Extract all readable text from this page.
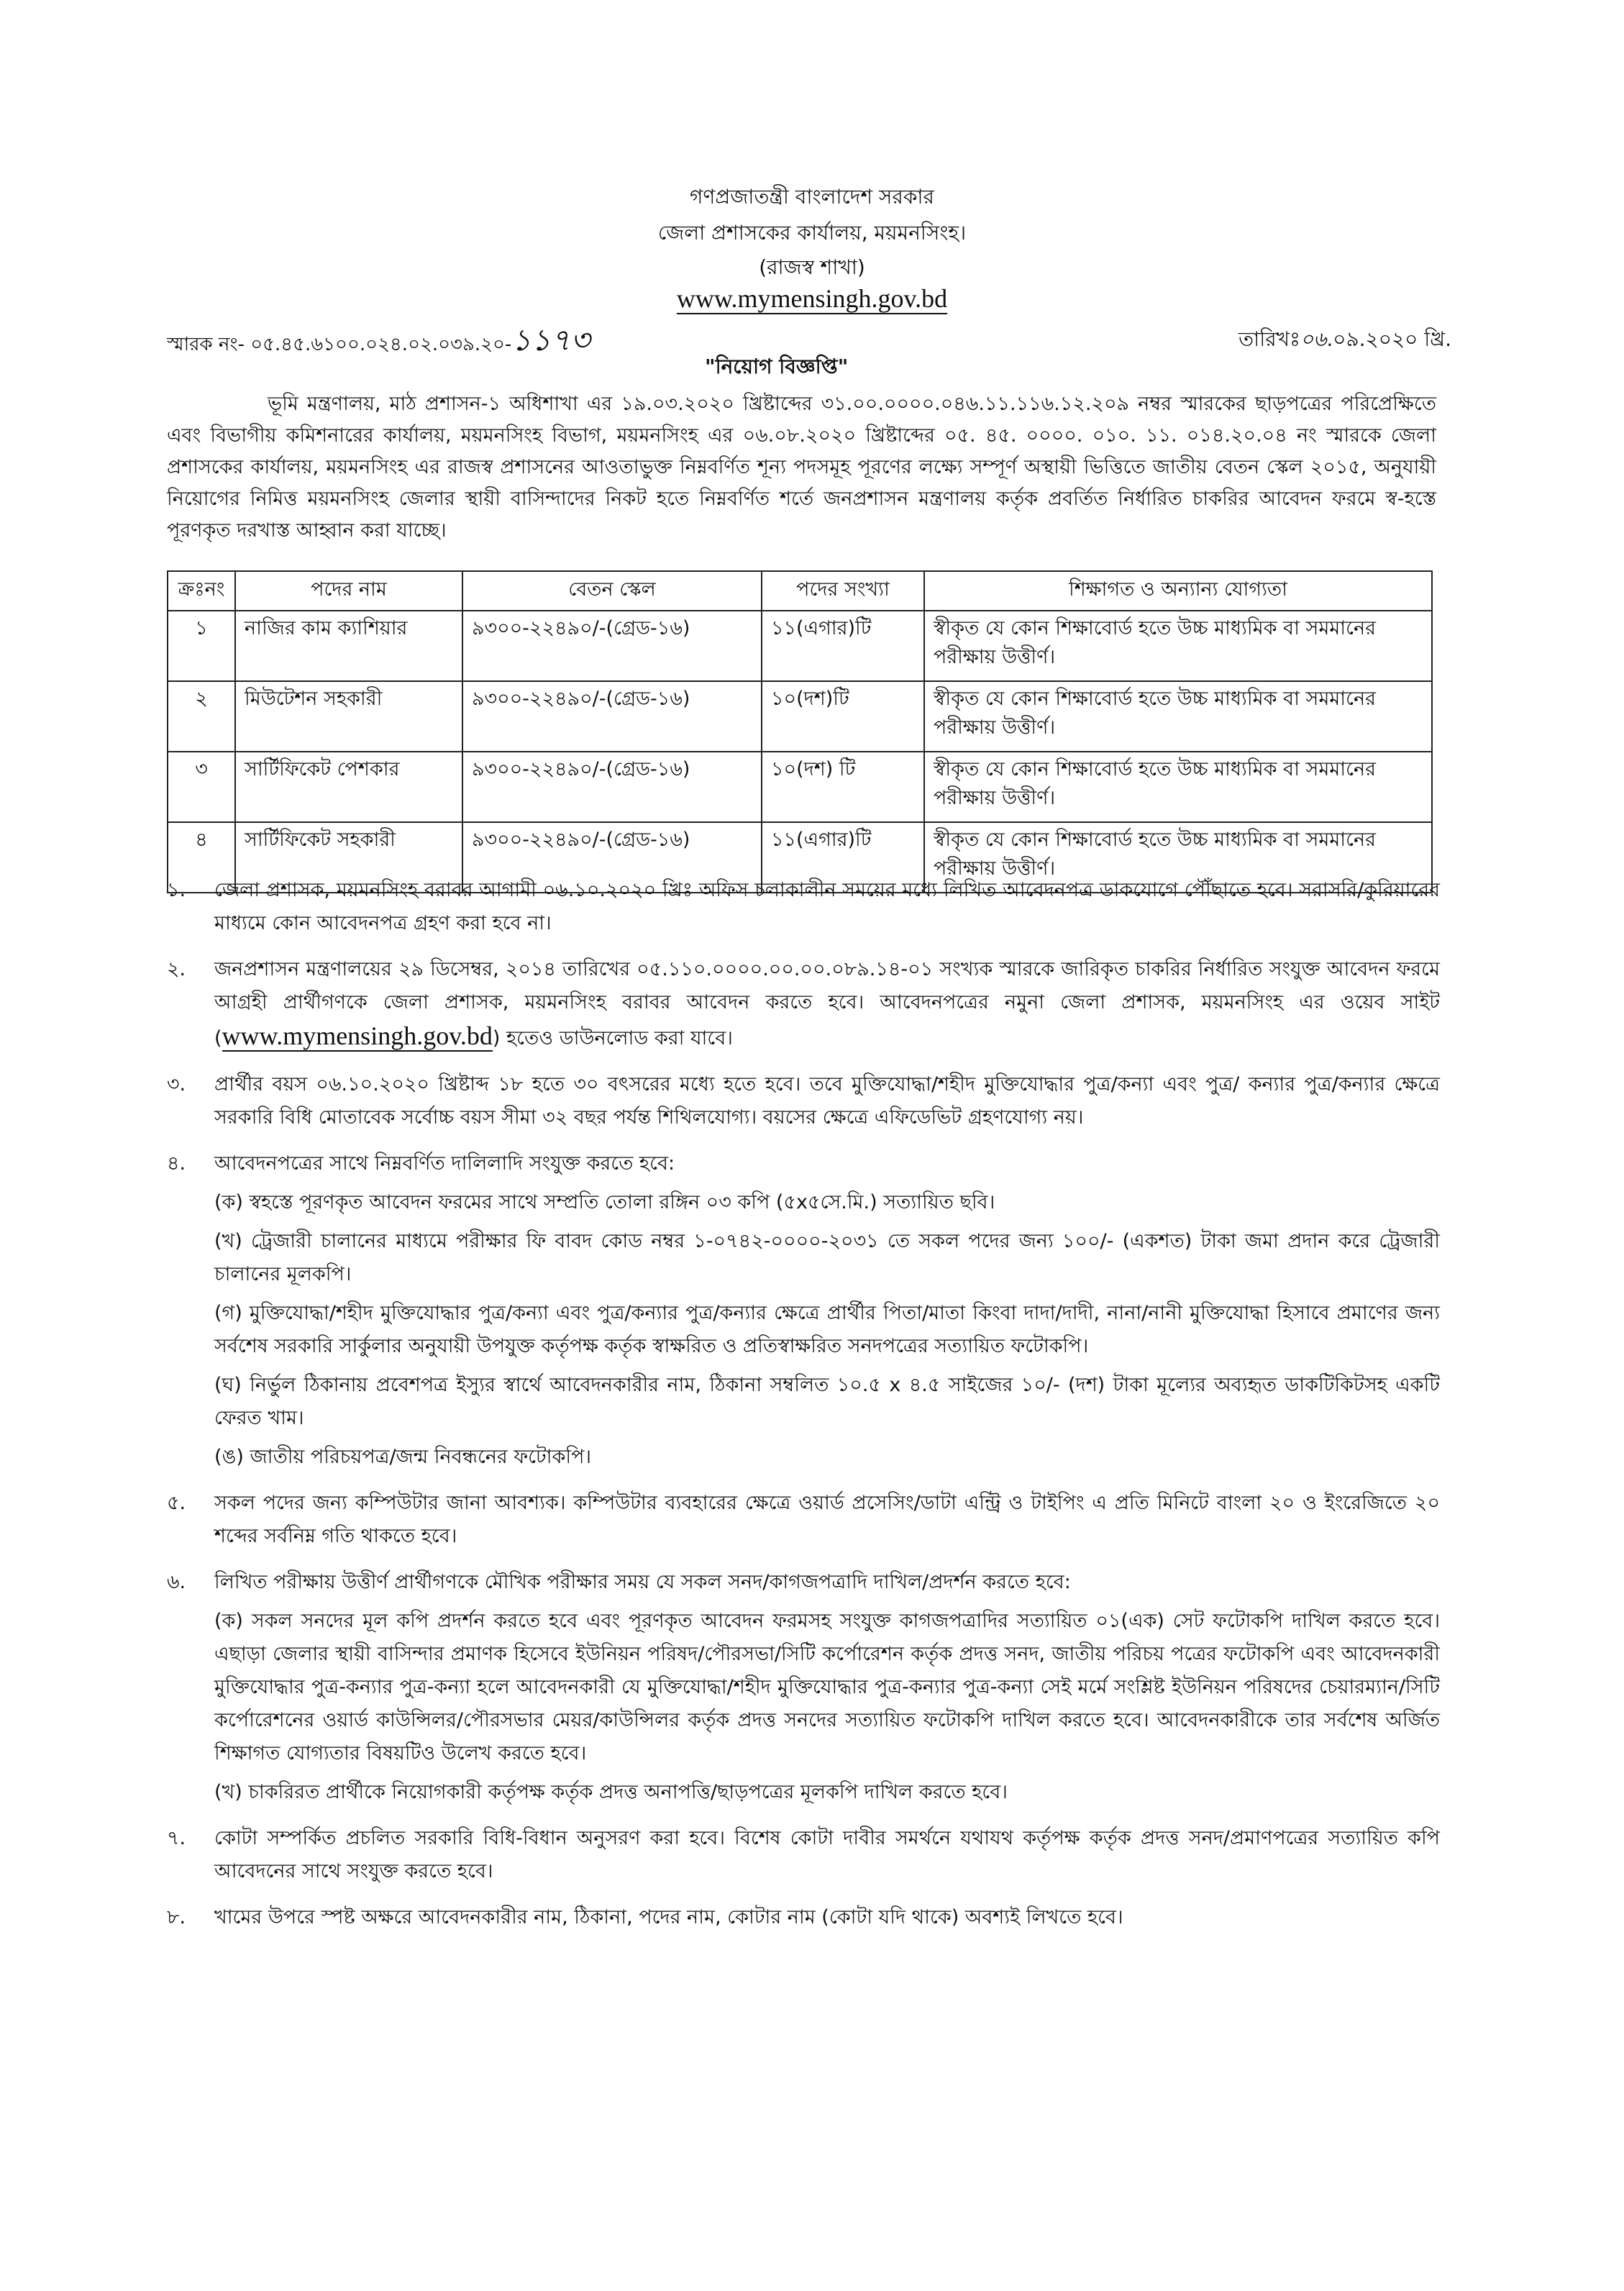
গণপ্রজাতন্ত্রী বাংলাদেশ সরকার
জেলা প্রশাসকের কার্যালয়, ময়মনসিংহ।
(রাজস্ব শাখা)
www.mymensingh.gov.bd
স্মারক নং- ০৫.৪৫.৬১০০.০২৪.০২.০৩৯.২০-১১৭৩	তারিখঃ০৬.০৯.২০২০ খ্রি.
"নিয়োগ বিজ্ঞপ্তি"
ভূমি মন্ত্রণালয়, মাঠ প্রশাসন-১ অধিশাখা এর ১৯.০৩.২০২০ খ্রিষ্টাব্দের ৩১.০০.০০০০.০৪৬.১১.১১৬.১২.২০৯ নম্বর স্মারকের ছাড়পত্রের পরিপ্রেক্ষিতে এবং বিভাগীয় কমিশনারের কার্যালয়, ময়মনসিংহ বিভাগ, ময়মনসিংহ এর ০৬.০৮.২০২০ খ্রিষ্টাব্দের ০৫. ৪৫. ০০০০. ০১০. ১১. ০১৪.২০.০৪ নং স্মারকে জেলা প্রশাসকের কার্যালয়, ময়মনসিংহ এর রাজস্ব প্রশাসনের আওতাভুক্ত নিম্নবর্ণিত শূন্য পদসমূহ পূরণের লক্ষ্যে সম্পূর্ণ অস্থায়ী ভিত্তিতে জাতীয় বেতন স্কেল ২০১৫, অনুযায়ী নিয়োগের নিমিত্ত ময়মনসিংহ জেলার স্থায়ী বাসিন্দাদের নিকট হতে নিম্নবর্ণিত শর্তে জনপ্রশাসন মন্ত্রণালয় কর্তৃক প্রবর্তিত নির্ধারিত চাকরির আবেদন ফরমে স্ব-হস্তে পূরণকৃত দরখাস্ত আহ্বান করা যাচ্ছে।
ক্রঃনং	পদের নাম	বেতন স্কেল	পদের সংখ্যা	শিক্ষাগত ও অন্যান্য যোগ্যতা
১	নাজির কাম ক্যাশিয়ার	৯৩০০-২২৪৯০/-(গ্রেড-১৬)	১১(এগার)টি	স্বীকৃত যে কোন শিক্ষাবোর্ড হতে উচ্চ মাধ্যমিক বা সমমানের পরীক্ষায় উত্তীর্ণ।
২	মিউটেশন সহকারী	৯৩০০-২২৪৯০/-(গ্রেড-১৬)	১০(দশ)টি	স্বীকৃত যে কোন শিক্ষাবোর্ড হতে উচ্চ মাধ্যমিক বা সমমানের পরীক্ষায় উত্তীর্ণ।
৩	সার্টিফিকেট পেশকার	৯৩০০-২২৪৯০/-(গ্রেড-১৬)	১০(দশ) টি	স্বীকৃত যে কোন শিক্ষাবোর্ড হতে উচ্চ মাধ্যমিক বা সমমানের পরীক্ষায় উত্তীর্ণ।
৪	সার্টিফিকেট সহকারী	৯৩০০-২২৪৯০/-(গ্রেড-১৬)	১১(এগার)টি	স্বীকৃত যে কোন শিক্ষাবোর্ড হতে উচ্চ মাধ্যমিক বা সমমানের পরীক্ষায় উত্তীর্ণ।
১. জেলা প্রশাসক, ময়মনসিংহ বরাবর আগামী ০৬.১০.২০২০ খ্রিঃ অফিস চলাকালীন সময়ের মধ্যে লিখিত আবেদনপত্র ডাকযোগে পৌঁছাতে হবে। সরাসরি/কুরিয়ারের মাধ্যমে কোন আবেদনপত্র গ্রহণ করা হবে না।
২. জনপ্রশাসন মন্ত্রণালয়ের ২৯ ডিসেম্বর, ২০১৪ তারিখের ০৫.১১০.০০০০.০০.০০.০৮৯.১৪-০১ সংখ্যক স্মারকে জারিকৃত চাকরির নির্ধারিত সংযুক্ত আবেদন ফরমে আগ্রহী প্রার্থীগণকে জেলা প্রশাসক, ময়মনসিংহ বরাবর আবেদন করতে হবে। আবেদনপত্রের নমুনা জেলা প্রশাসক, ময়মনসিংহ এর ওয়েব সাইট (www.mymensingh.gov.bd) হতেও ডাউনলোড করা যাবে।
৩. প্রার্থীর বয়স ০৬.১০.২০২০ খ্রিষ্টাব্দ ১৮ হতে ৩০ বৎসরের মধ্যে হতে হবে। তবে মুক্তিযোদ্ধা/শহীদ মুক্তিযোদ্ধার পুত্র/কন্যা এবং পুত্র/ কন্যার পুত্র/কন্যার ক্ষেত্রে সরকারি বিধি মোতাবেক সর্বোচ্চ বয়স সীমা ৩২ বছর পর্যন্ত শিথিলযোগ্য। বয়সের ক্ষেত্রে এফিডেভিট গ্রহণযোগ্য নয়।
৪. আবেদনপত্রের সাথে নিম্নবর্ণিত দালিলাদি সংযুক্ত করতে হবে:
(ক) স্বহস্তে পূরণকৃত আবেদন ফরমের সাথে সম্প্রতি তোলা রঙ্গিন ০৩ কপি (৫x৫সে.মি.) সত্যায়িত ছবি।
(খ) ট্রেজারী চালানের মাধ্যমে পরীক্ষার ফি বাবদ কোড নম্বর ১-০৭৪২-০০০০-২০৩১ তে সকল পদের জন্য ১০০/- (একশত) টাকা জমা প্রদান করে ট্রেজারী চালানের মূলকপি।
(গ) মুক্তিযোদ্ধা/শহীদ মুক্তিযোদ্ধার পুত্র/কন্যা এবং পুত্র/কন্যার পুত্র/কন্যার ক্ষেত্রে প্রার্থীর পিতা/মাতা কিংবা দাদা/দাদী, নানা/নানী মুক্তিযোদ্ধা হিসাবে প্রমাণের জন্য সর্বশেষ সরকারি সার্কুলার অনুযায়ী উপযুক্ত কর্তৃপক্ষ কর্তৃক স্বাক্ষরিত ও প্রতিস্বাক্ষরিত সনদপত্রের সত্যায়িত ফটোকপি।
(ঘ) নির্ভুল ঠিকানায় প্রবেশপত্র ইস্যুর স্বার্থে আবেদনকারীর নাম, ঠিকানা সম্বলিত ১০.৫ x ৪.৫ সাইজের ১০/- (দশ) টাকা মূল্যের অব্যহৃত ডাকটিকিটসহ একটি ফেরত খাম।
(ঙ) জাতীয় পরিচয়পত্র/জন্ম নিবন্ধনের ফটোকপি।
৫. সকল পদের জন্য কম্পিউটার জানা আবশ্যক। কম্পিউটার ব্যবহারের ক্ষেত্রে ওয়ার্ড প্রসেসিং/ডাটা এন্ট্রি ও টাইপিং এ প্রতি মিনিটে বাংলা ২০ ও ইংরেজিতে ২০ শব্দের সর্বনিম্ন গতি থাকতে হবে।
৬. লিখিত পরীক্ষায় উত্তীর্ণ প্রার্থীগণকে মৌখিক পরীক্ষার সময় যে সকল সনদ/কাগজপত্রাদি দাখিল/প্রদর্শন করতে হবে:
(ক) সকল সনদের মূল কপি প্রদর্শন করতে হবে এবং পূরণকৃত আবেদন ফরমসহ সংযুক্ত কাগজপত্রাদির সত্যায়িত ০১(এক) সেট ফটোকপি দাখিল করতে হবে। এছাড়া জেলার স্থায়ী বাসিন্দার প্রমাণক হিসেবে ইউনিয়ন পরিষদ/পৌরসভা/সিটি কর্পোরেশন কর্তৃক প্রদত্ত সনদ, জাতীয় পরিচয় পত্রের ফটোকপি এবং আবেদনকারী মুক্তিযোদ্ধার পুত্র-কন্যার পুত্র-কন্যা হলে আবেদনকারী যে মুক্তিযোদ্ধা/শহীদ মুক্তিযোদ্ধার পুত্র-কন্যার পুত্র-কন্যা সেই মর্মে সংশ্লিষ্ট ইউনিয়ন পরিষদের চেয়ারম্যান/সিটি কর্পোরেশনের ওয়ার্ড কাউন্সিলর/পৌরসভার মেয়র/কাউন্সিলর কর্তৃক প্রদত্ত সনদের সত্যায়িত ফটোকপি দাখিল করতে হবে। আবেদনকারীকে তার সর্বশেষ অর্জিত শিক্ষাগত যোগ্যতার বিষয়টিও উলেখ করতে হবে।
(খ) চাকরিরত প্রার্থীকে নিয়োগকারী কর্তৃপক্ষ কর্তৃক প্রদত্ত অনাপত্তি/ছাড়পত্রের মূলকপি দাখিল করতে হবে।
৭. কোটা সম্পর্কিত প্রচলিত সরকারি বিধি-বিধান অনুসরণ করা হবে। বিশেষ কোটা দাবীর সমর্থনে যথাযথ কর্তৃপক্ষ কর্তৃক প্রদত্ত সনদ/প্রমাণপত্রের সত্যায়িত কপি আবেদনের সাথে সংযুক্ত করতে হবে।
৮. খামের উপরে স্পষ্ট অক্ষরে আবেদনকারীর নাম, ঠিকানা, পদের নাম, কোটার নাম (কোটা যদি থাকে) অবশ্যই লিখতে হবে।
